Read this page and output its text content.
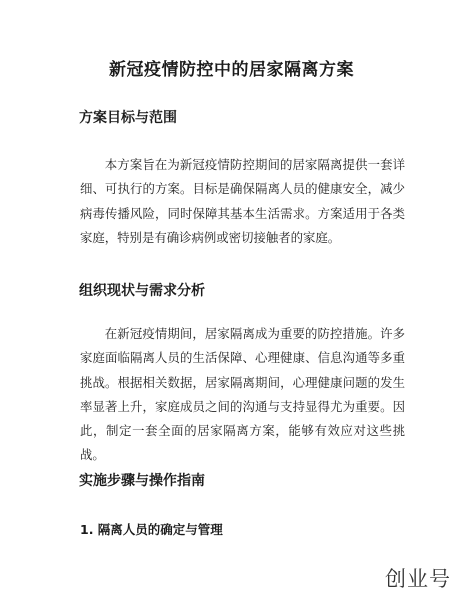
新冠疫情防控中的居家隔离方案
方案目标与范围

本方案旨在为新冠疫情防控期间的居家隔离提供一套详细、可执行的方案。目标是确保隔离人员的健康安全，减少病毒传播风险，同时保障其基本生活需求。方案适用于各类家庭，特别是有确诊病例或密切接触者的家庭。

组织现状与需求分析

在新冠疫情期间，居家隔离成为重要的防控措施。许多家庭面临隔离人员的生活保障、心理健康、信息沟通等多重挑战。根据相关数据，居家隔离期间，心理健康问题的发生率显著上升，家庭成员之间的沟通与支持显得尤为重要。因此，制定一套全面的居家隔离方案，能够有效应对这些挑战。

实施步骤与操作指南
1. 隔离人员的确定与管理
创业号
